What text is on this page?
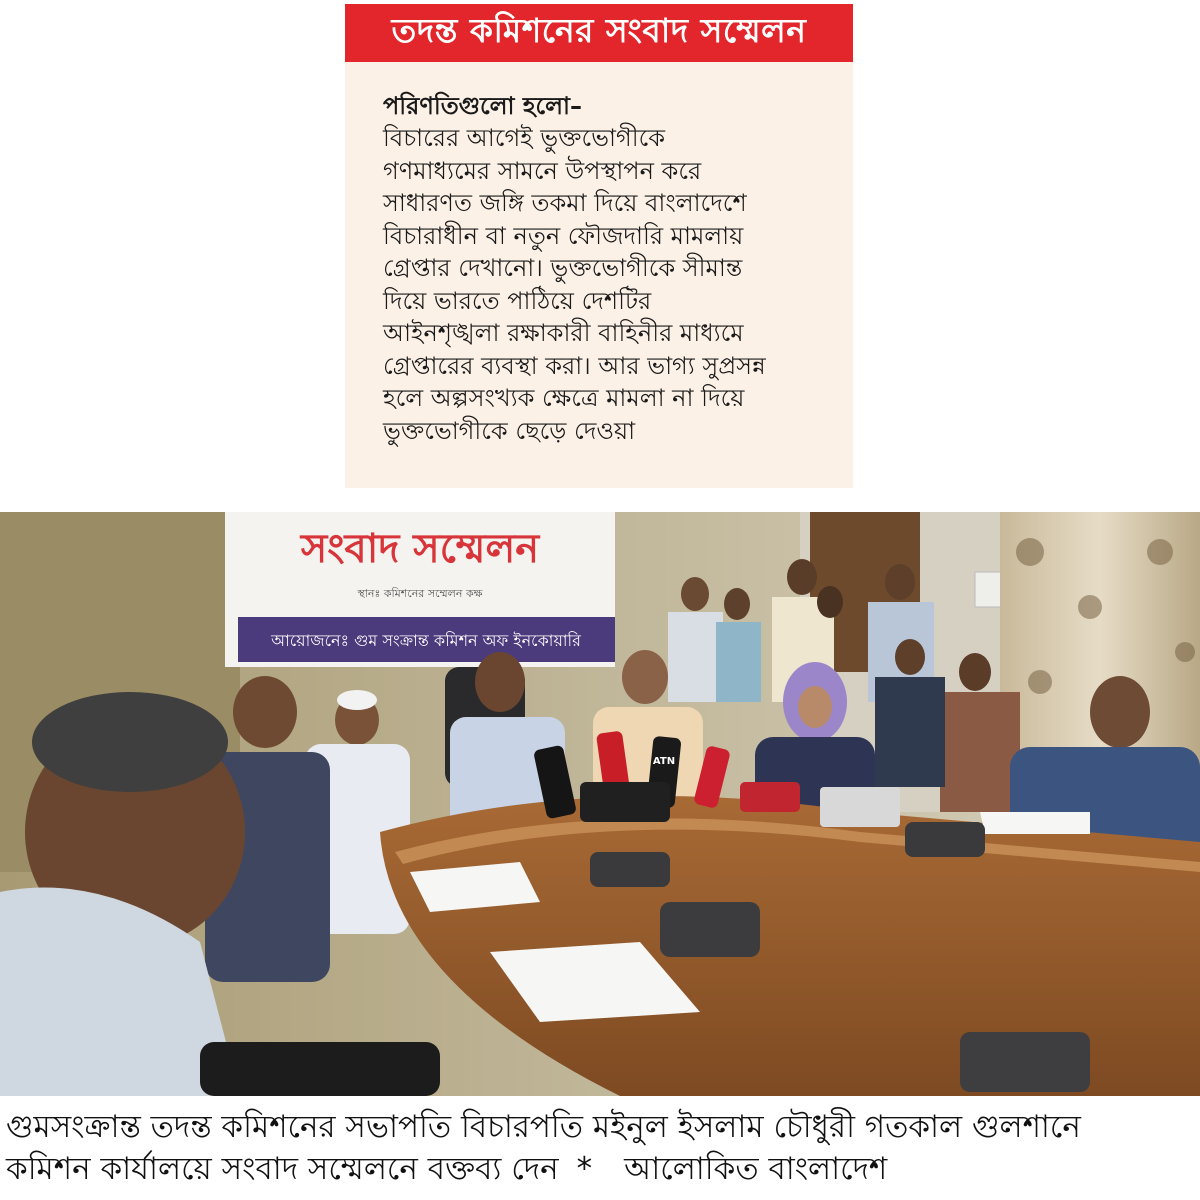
তদন্ত কমিশনের সংবাদ সম্মেলন
পরিণতিগুলো হলো–
বিচারের আগেই ভুক্তভোগীকে
গণমাধ্যমের সামনে উপস্থাপন করে
সাধারণত জঙ্গি তকমা দিয়ে বাংলাদেশে
বিচারাধীন বা নতুন ফৌজদারি মামলায়
গ্রেপ্তার দেখানো। ভুক্তভোগীকে সীমান্ত
দিয়ে ভারতে পাঠিয়ে দেশটির
আইনশৃঙ্খলা রক্ষাকারী বাহিনীর মাধ্যমে
গ্রেপ্তারের ব্যবস্থা করা। আর ভাগ্য সুপ্রসন্ন
হলে অল্পসংখ্যক ক্ষেত্রে মামলা না দিয়ে
ভুক্তভোগীকে ছেড়ে দেওয়া
সংবাদ সম্মেলন
স্থানঃ কমিশনের সম্মেলন কক্ষ
আয়োজনেঃ গুম সংক্রান্ত কমিশন অফ ইনকোয়ারি
ATN
গুমসংক্রান্ত তদন্ত কমিশনের সভাপতি বিচারপতি মইনুল ইসলাম চৌধুরী গতকাল গুলশানে
কমিশন কার্যালয়ে সংবাদ সম্মেলনে বক্তব্য দেন * আলোকিত বাংলাদেশ
